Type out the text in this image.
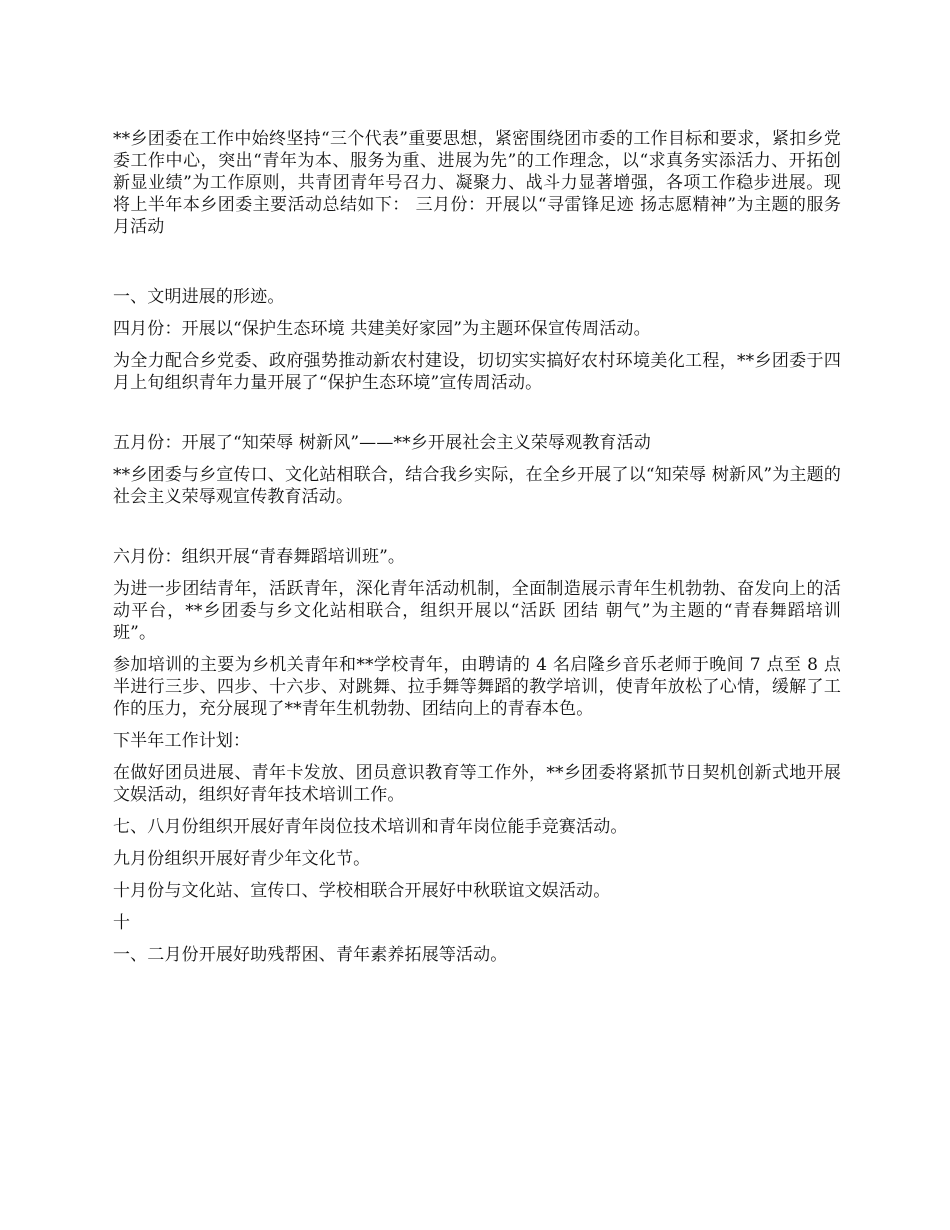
**乡团委在工作中始终坚持“三个代表”重要思想，紧密围绕团市委的工作目标和要求，紧扣乡党委工作中心，突出“青年为本、服务为重、进展为先”的工作理念，以“求真务实添活力、开拓创新显业绩”为工作原则，共青团青年号召力、凝聚力、战斗力显著增强，各项工作稳步进展。现将上半年本乡团委主要活动总结如下： 三月份：开展以“寻雷锋足迹 扬志愿精神”为主题的服务月活动

一、文明进展的形迹。

四月份：开展以“保护生态环境 共建美好家园”为主题环保宣传周活动。

为全力配合乡党委、政府强势推动新农村建设，切切实实搞好农村环境美化工程，**乡团委于四月上旬组织青年力量开展了“保护生态环境”宣传周活动。

五月份：开展了“知荣辱 树新风”——**乡开展社会主义荣辱观教育活动

**乡团委与乡宣传口、文化站相联合，结合我乡实际，在全乡开展了以“知荣辱 树新风”为主题的社会主义荣辱观宣传教育活动。

六月份：组织开展“青春舞蹈培训班”。

为进一步团结青年，活跃青年，深化青年活动机制，全面制造展示青年生机勃勃、奋发向上的活动平台，**乡团委与乡文化站相联合，组织开展以“活跃 团结 朝气”为主题的“青春舞蹈培训班”。

参加培训的主要为乡机关青年和**学校青年，由聘请的 4 名启隆乡音乐老师于晚间 7 点至 8 点半进行三步、四步、十六步、对跳舞、拉手舞等舞蹈的教学培训，使青年放松了心情，缓解了工作的压力，充分展现了**青年生机勃勃、团结向上的青春本色。

下半年工作计划：

在做好团员进展、青年卡发放、团员意识教育等工作外，**乡团委将紧抓节日契机创新式地开展文娱活动，组织好青年技术培训工作。

七、八月份组织开展好青年岗位技术培训和青年岗位能手竞赛活动。

九月份组织开展好青少年文化节。

十月份与文化站、宣传口、学校相联合开展好中秋联谊文娱活动。

十

一、二月份开展好助残帮困、青年素养拓展等活动。
